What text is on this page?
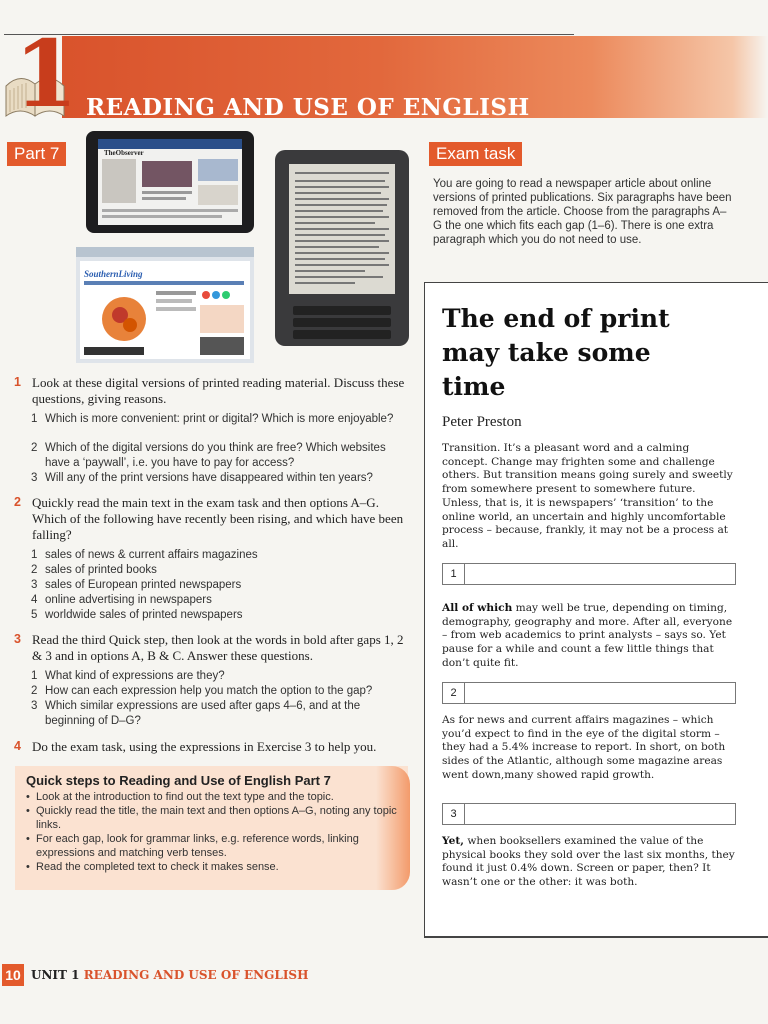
1 READING AND USE OF ENGLISH
Part 7	TheObserver
SouthernLiving
1 Look at these digital versions of printed reading material. Discuss these questions, giving reasons.
1 Which is more convenient: print or digital? Which is more enjoyable?
2 Which of the digital versions do you think are free? Which websites have a ‘paywall’, i.e. you have to pay for access?
3 Will any of the print versions have disappeared within ten years?
2 Quickly read the main text in the exam task and then options A–G. Which of the following have recently been rising, and which have been falling?
1 sales of news & current affairs magazines
2 sales of printed books
3 sales of European printed newspapers
4 online advertising in newspapers
5 worldwide sales of printed newspapers
3 Read the third Quick step, then look at the words in bold after gaps 1, 2 & 3 and in options A, B & C. Answer these questions.
1 What kind of expressions are they?
2 How can each expression help you match the option to the gap?
3 Which similar expressions are used after gaps 4–6, and at the beginning of D–G?
4 Do the exam task, using the expressions in Exercise 3 to help you.
Quick steps to Reading and Use of English Part 7
• Look at the introduction to find out the text type and the topic.
• Quickly read the title, the main text and then options A–G, noting any topic links.
• For each gap, look for grammar links, e.g. reference words, linking expressions and matching verb tenses.
• Read the completed text to check it makes sense.
10 UNIT 1 READING AND USE OF ENGLISH
Exam task
You are going to read a newspaper article about online versions of printed publications. Six paragraphs have been removed from the article. Choose from the paragraphs A–G the one which fits each gap (1–6). There is one extra paragraph which you do not need to use.
The end of print may take some time
Peter Preston
Transition. It’s a pleasant word and a calming concept. Change may frighten some and challenge others. But transition means going surely and sweetly from somewhere present to somewhere future. Unless, that is, it is newspapers’ ‘transition’ to the online world, an uncertain and highly uncomfortable process – because, frankly, it may not be a process at all.
1
All of which may well be true, depending on timing, demography, geography and more. After all, everyone – from web academics to print analysts – says so. Yet pause for a while and count a few little things that don’t quite fit.
2
As for news and current affairs magazines – which you’d expect to find in the eye of the digital storm – they had a 5.4% increase to report. In short, on both sides of the Atlantic, although some magazine areas went down,many showed rapid growth.
3
Yet, when booksellers examined the value of the physical books they sold over the last six months, they found it just 0.4% down. Screen or paper, then? It wasn’t one or the other: it was both.
